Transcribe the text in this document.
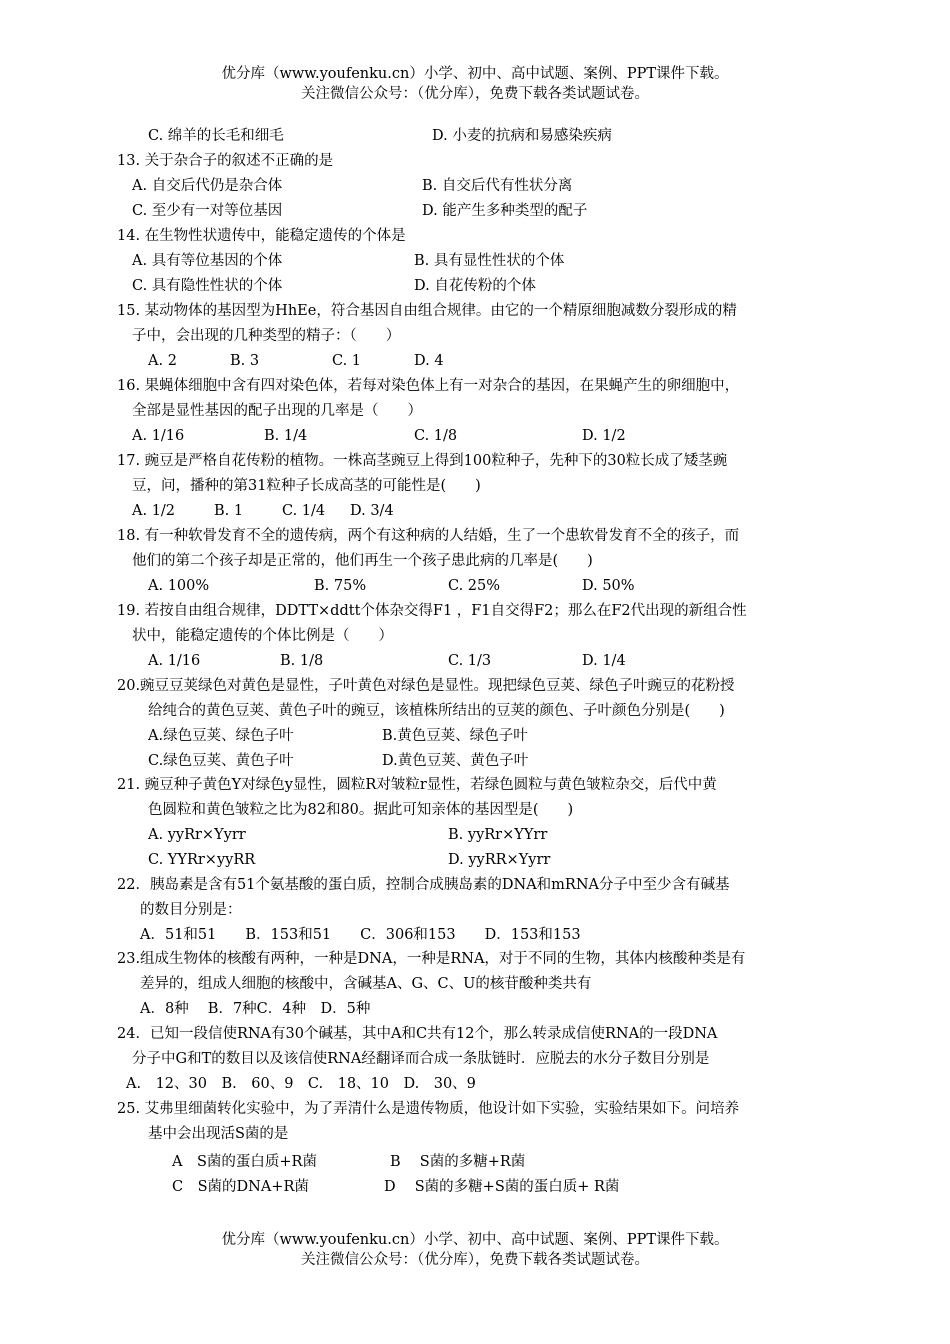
优分库（www.youfenku.cn）小学、初中、高中试题、案例、PPT课件下载。
关注微信公众号：（优分库），免费下载各类试题试卷。
C. 绵羊的长毛和细毛	D. 小麦的抗病和易感染疾病
13. 关于杂合子的叙述不正确的是
A. 自交后代仍是杂合体	B. 自交后代有性状分离
C. 至少有一对等位基因	D. 能产生多种类型的配子
14. 在生物性状遗传中，能稳定遗传的个体是
A. 具有等位基因的个体	B. 具有显性性状的个体
C. 具有隐性性状的个体	D. 自花传粉的个体
15. 某动物体的基因型为HhEe，符合基因自由组合规律。由它的一个精原细胞减数分裂形成的精
子中，会出现的几种类型的精子：（　　）
A. 2	B. 3	C. 1	D. 4
16. 果蝇体细胞中含有四对染色体，若每对染色体上有一对杂合的基因，在果蝇产生的卵细胞中，
全部是显性基因的配子出现的几率是（　　）
A. 1/16	B. 1/4	C. 1/8	D. 1/2
17. 豌豆是严格自花传粉的植物。一株高茎豌豆上得到100粒种子，先种下的30粒长成了矮茎豌
豆，问，播种的第31粒种子长成高茎的可能性是(　　)
A. 1/2	B. 1	C. 1/4 D. 3/4
18. 有一种软骨发育不全的遗传病，两个有这种病的人结婚，生了一个患软骨发育不全的孩子，而
他们的第二个孩子却是正常的，他们再生一个孩子患此病的几率是(　　)
A. 100%	B. 75%	C. 25%	D. 50%
19. 若按自由组合规律，DDTT×ddtt个体杂交得F1 ，F1自交得F2；那么在F2代出现的新组合性
状中，能稳定遗传的个体比例是（　　）
A. 1/16	B. 1/8	C. 1/3	D. 1/4
20.豌豆豆荚绿色对黄色是显性，子叶黄色对绿色是显性。现把绿色豆荚、绿色子叶豌豆的花粉授
给纯合的黄色豆荚、黄色子叶的豌豆，该植株所结出的豆荚的颜色、子叶颜色分别是(　　)
A.绿色豆荚、绿色子叶	B.黄色豆荚、绿色子叶
C.绿色豆荚、黄色子叶	D.黄色豆荚、黄色子叶
21. 豌豆种子黄色Y对绿色y显性，圆粒R对皱粒r显性，若绿色圆粒与黄色皱粒杂交，后代中黄
色圆粒和黄色皱粒之比为82和80。据此可知亲体的基因型是(　　)
A. yyRr×Yyrr	B. yyRr×YYrr
C. YYRr×yyRR	D. yyRR×Yyrr
22．胰岛素是含有51个氨基酸的蛋白质，控制合成胰岛素的DNA和mRNA分子中至少含有碱基
的数目分别是：
A．51和51　　B．153和51　　C．306和153　　D．153和153
23.组成生物体的核酸有两种，一种是DNA，一种是RNA，对于不同的生物，其体内核酸种类是有
差异的，组成人细胞的核酸中，含碱基A、G、C、U的核苷酸种类共有
A．8种　 B．7种C．4种　D．5种
24．已知一段信使RNA有30个碱基，其中A和C共有12个，那么转录成信使RNA的一段DNA
分子中G和T的数目以及该信使RNA经翻译而合成一条肽链时．应脱去的水分子数目分别是
A.　12、30　B.　60、9　C.　18、10　D.　30、9
25. 艾弗里细菌转化实验中，为了弄清什么是遗传物质，他设计如下实验，实验结果如下。问培养
基中会出现活S菌的是
A　S菌的蛋白质+R菌	B　 S菌的多糖+R菌
C　S菌的DNA+R菌	D　 S菌的多糖+S菌的蛋白质+ R菌
优分库（www.youfenku.cn）小学、初中、高中试题、案例、PPT课件下载。
关注微信公众号：（优分库），免费下载各类试题试卷。
